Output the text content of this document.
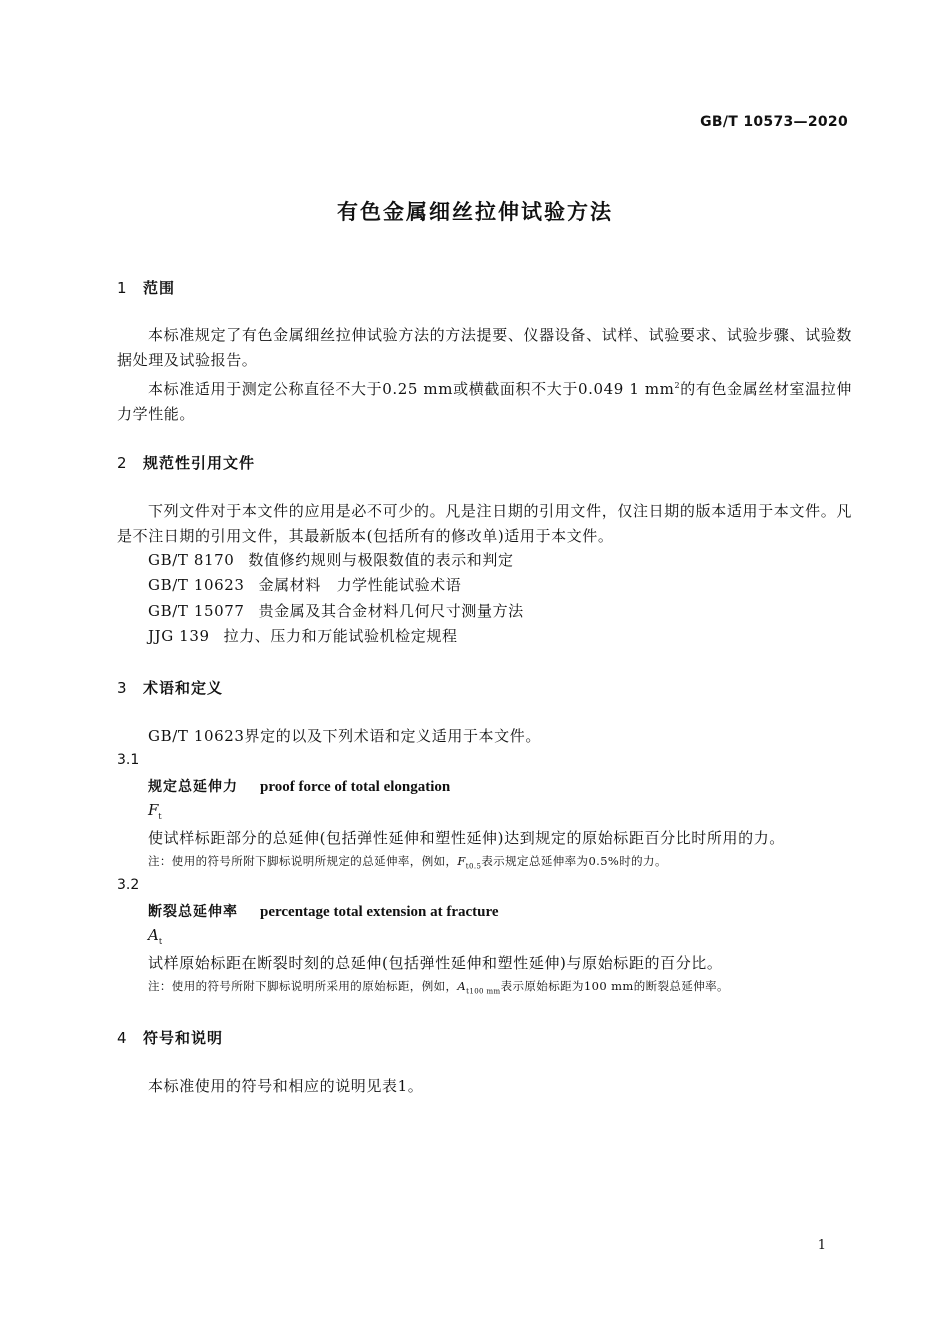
GB/T 10573—2020
有色金属细丝拉伸试验方法
1 范围
本标准规定了有色金属细丝拉伸试验方法的方法提要、仪器设备、试样、试验要求、试验步骤、试验数据处理及试验报告。
本标准适用于测定公称直径不大于0.25 mm或横截面积不大于0.049 1 $mm^2$的有色金属丝材室温拉伸力学性能。
2 规范性引用文件
下列文件对于本文件的应用是必不可少的。凡是注日期的引用文件，仅注日期的版本适用于本文件。凡是不注日期的引用文件，其最新版本(包括所有的修改单)适用于本文件。
GB/T 8170 数值修约规则与极限数值的表示和判定
GB/T 10623 金属材料　力学性能试验术语
GB/T 15077 贵金属及其合金材料几何尺寸测量方法
JJG 139 拉力、压力和万能试验机检定规程
3 术语和定义
GB/T 10623界定的以及下列术语和定义适用于本文件。
3.1
规定总延伸力 proof force of total elongation
$F_t$
使试样标距部分的总延伸(包括弹性延伸和塑性延伸)达到规定的原始标距百分比时所用的力。
注：使用的符号所附下脚标说明所规定的总延伸率，例如，$F_{t0.5}$表示规定总延伸率为0.5%时的力。
3.2
断裂总延伸率 percentage total extension at fracture
$A_t$
试样原始标距在断裂时刻的总延伸(包括弹性延伸和塑性延伸)与原始标距的百分比。
注：使用的符号所附下脚标说明所采用的原始标距，例如，$A_{t100 mm}$表示原始标距为100 mm的断裂总延伸率。
4 符号和说明
本标准使用的符号和相应的说明见表1。
1
